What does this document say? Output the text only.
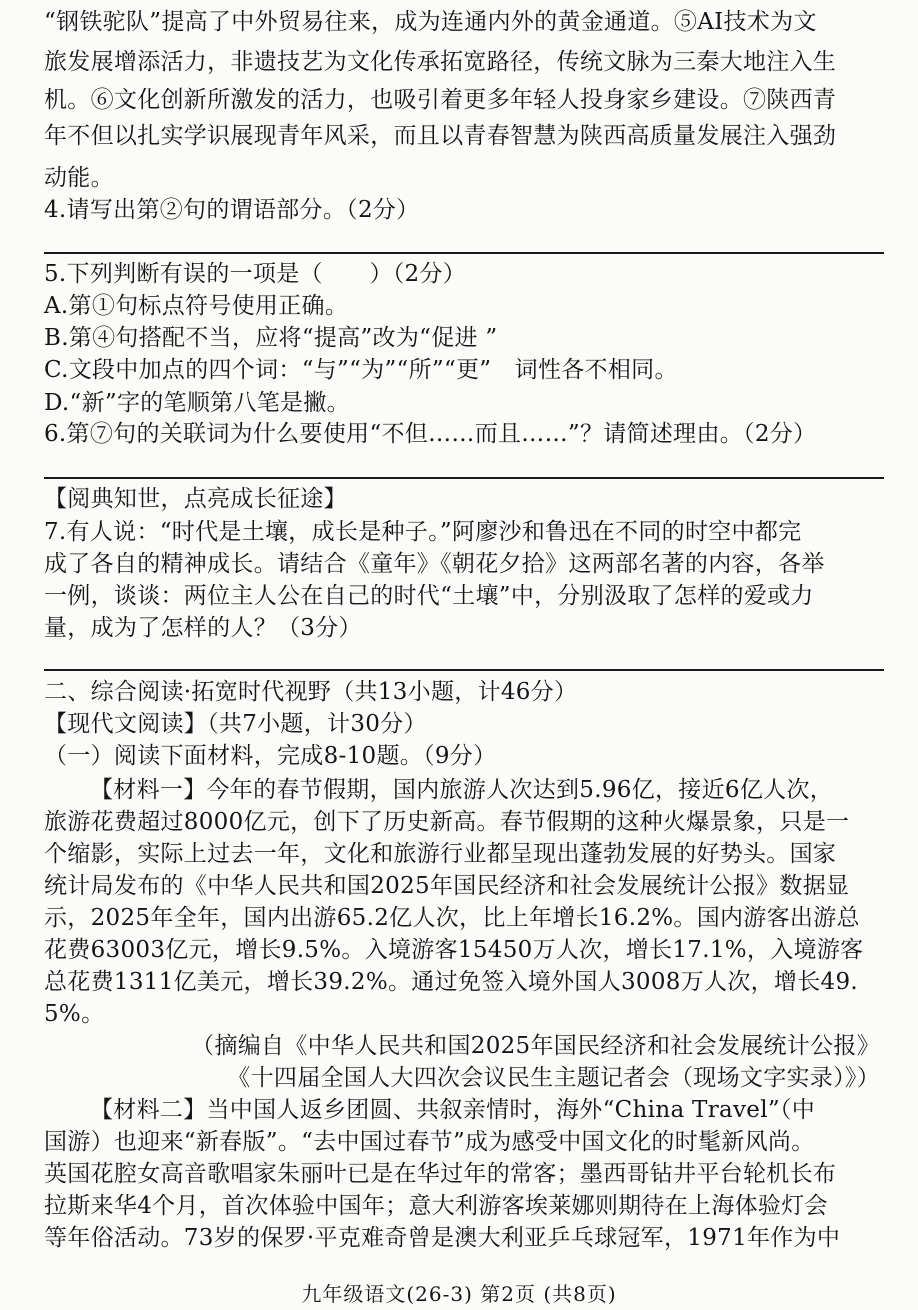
“钢铁驼队”提高了中外贸易往来，成为连通内外的黄金通道。⑤AI技术为文
旅发展增添活力，非遗技艺为文化传承拓宽路径，传统文脉为三秦大地注入生
机。⑥文化创新所激发的活力，也吸引着更多年轻人投身家乡建设。⑦陕西青
年不但以扎实学识展现青年风采，而且以青春智慧为陕西高质量发展注入强劲
动能。
4.请写出第②句的谓语部分。（2分）
5.下列判断有误的一项是（　　）（2分）
A.第①句标点符号使用正确。
B.第④句搭配不当，应将“提高”改为“促进 ”
C.文段中加点的四个词：“与”“为”“所”“更”　词性各不相同。
D.“新”字的笔顺第八笔是撇。
6.第⑦句的关联词为什么要使用“不但……而且……”？请简述理由。（2分）
【阅典知世，点亮成长征途】
7.有人说：“时代是土壤，成长是种子。”阿廖沙和鲁迅在不同的时空中都完
成了各自的精神成长。请结合《童年》《朝花夕拾》这两部名著的内容，各举
一例，谈谈：两位主人公在自己的时代“土壤”中，分别汲取了怎样的爱或力
量，成为了怎样的人？（3分）
二、综合阅读·拓宽时代视野（共13小题，计46分）
【现代文阅读】（共7小题，计30分）
（一）阅读下面材料，完成8-10题。（9分）
【材料一】今年的春节假期，国内旅游人次达到5.96亿，接近6亿人次，
旅游花费超过8000亿元，创下了历史新高。春节假期的这种火爆景象，只是一
个缩影，实际上过去一年，文化和旅游行业都呈现出蓬勃发展的好势头。国家
统计局发布的《中华人民共和国2025年国民经济和社会发展统计公报》数据显
示，2025年全年，国内出游65.2亿人次，比上年增长16.2%。国内游客出游总
花费63003亿元，增长9.5%。入境游客15450万人次，增长17.1%，入境游客
总花费1311亿美元，增长39.2%。通过免签入境外国人3008万人次，增长49.
5%。
（摘编自《中华人民共和国2025年国民经济和社会发展统计公报》
《十四届全国人大四次会议民生主题记者会（现场文字实录）》）
【材料二】当中国人返乡团圆、共叙亲情时，海外“China Travel”（中
国游）也迎来“新春版”。“去中国过春节”成为感受中国文化的时髦新风尚。
英国花腔女高音歌唱家朱丽叶已是在华过年的常客；墨西哥钻井平台轮机长布
拉斯来华4个月，首次体验中国年；意大利游客埃莱娜则期待在上海体验灯会
等年俗活动。73岁的保罗·平克难奇曾是澳大利亚乒乓球冠军，1971年作为中
九年级语文(26-3) 第2页 (共8页)
